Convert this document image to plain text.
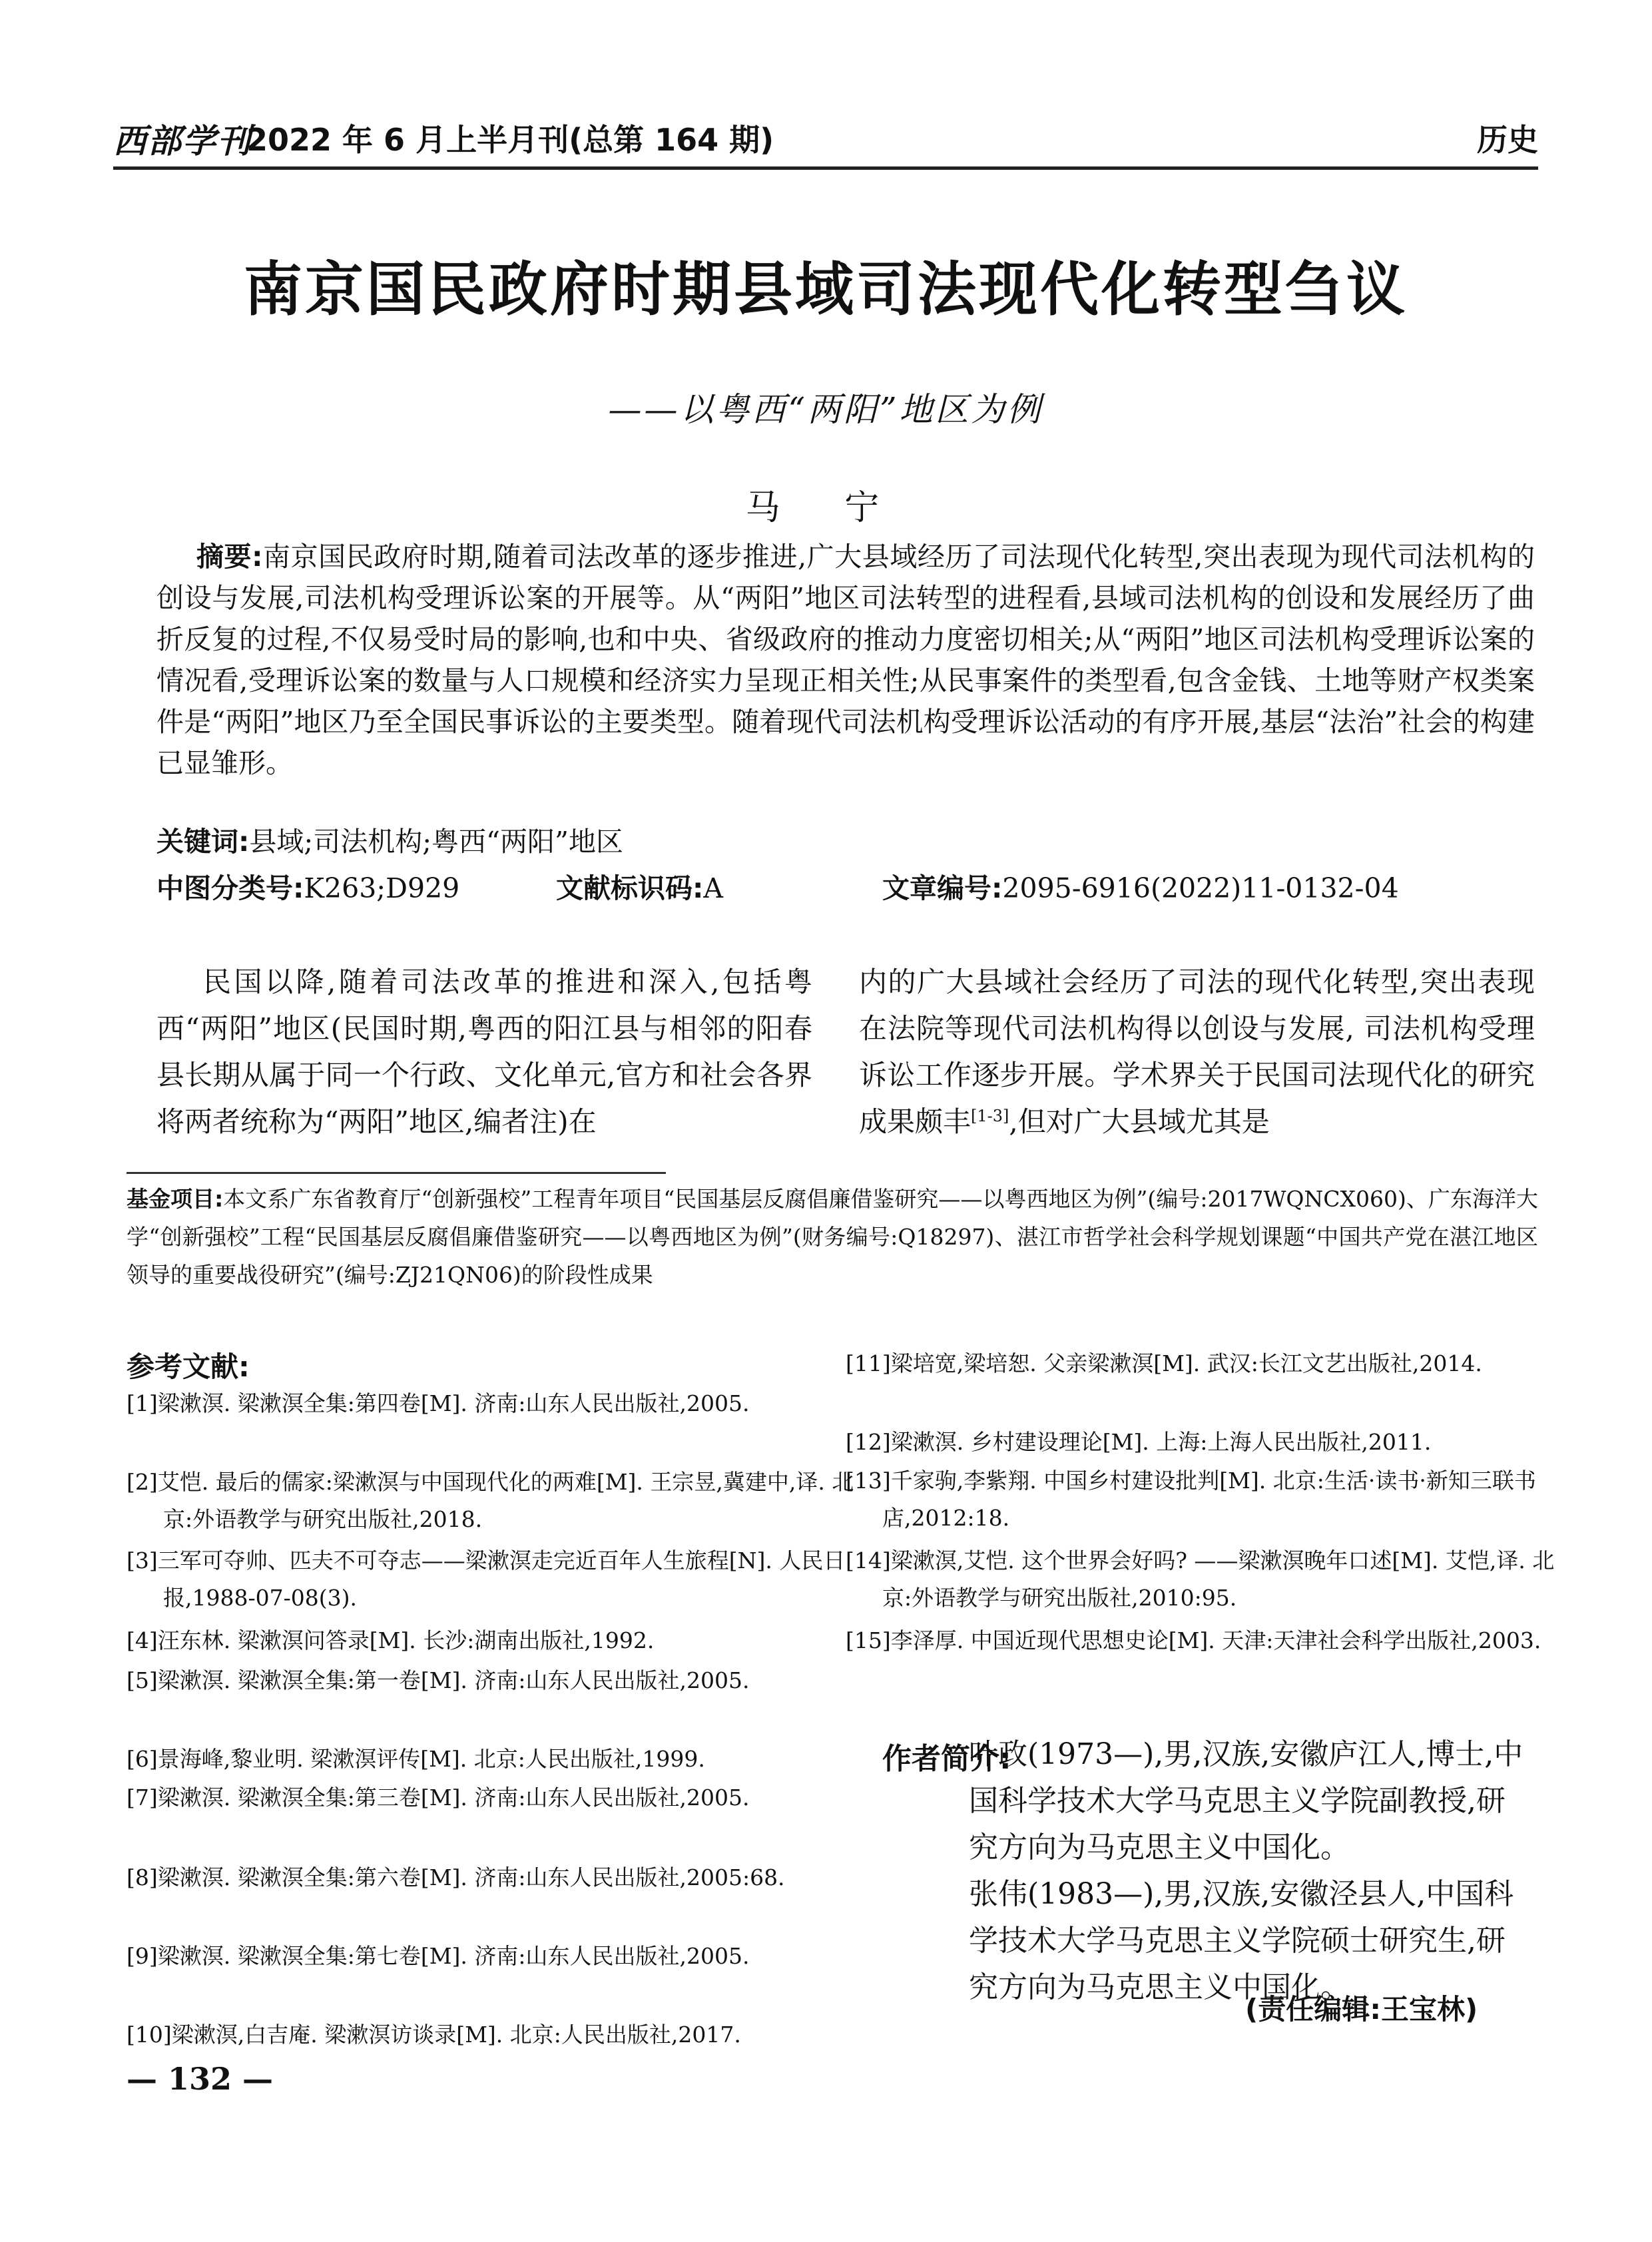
西部学刊
2022 年 6 月上半月刊(总第 164 期)	历史
南京国民政府时期县域司法现代化转型刍议
——以粤西“两阳”地区为例
马 宁
摘要:南京国民政府时期,随着司法改革的逐步推进,广大县域经历了司法现代化转型,突出表现为现代司法机构的创设与发展,司法机构受理诉讼案的开展等。从“两阳”地区司法转型的进程看,县域司法机构的创设和发展经历了曲折反复的过程,不仅易受时局的影响,也和中央、省级政府的推动力度密切相关;从“两阳”地区司法机构受理诉讼案的情况看,受理诉讼案的数量与人口规模和经济实力呈现正相关性;从民事案件的类型看,包含金钱、土地等财产权类案件是“两阳”地区乃至全国民事诉讼的主要类型。随着现代司法机构受理诉讼活动的有序开展,基层“法治”社会的构建已显雏形。
关键词:县域;司法机构;粤西“两阳”地区
中图分类号:K263;D929	文献标识码:A	文章编号:2095-6916(2022)11-0132-04
民国以降,随着司法改革的推进和深入,包括粤西“两阳”地区(民国时期,粤西的阳江县与相邻的阳春县长期从属于同一个行政、文化单元,官方和社会各界将两者统称为“两阳”地区,编者注)在
内的广大县域社会经历了司法的现代化转型,突出表现在法院等现代司法机构得以创设与发展, 司法机构受理诉讼工作逐步开展。学术界关于民国司法现代化的研究成果颇丰[1-3],但对广大县域尤其是
基金项目:本文系广东省教育厅“创新强校”工程青年项目“民国基层反腐倡廉借鉴研究——以粤西地区为例”(编号:2017WQNCX060)、广东海洋大学“创新强校”工程“民国基层反腐倡廉借鉴研究——以粤西地区为例”(财务编号:Q18297)、湛江市哲学社会科学规划课题“中国共产党在湛江地区领导的重要战役研究”(编号:ZJ21QN06)的阶段性成果
参考文献:
[1]梁漱溟. 梁漱溟全集:第四卷[M]. 济南:山东人民出版社,2005.
[2]艾恺. 最后的儒家:梁漱溟与中国现代化的两难[M]. 王宗昱,冀建中,译. 北京:外语教学与研究出版社,2018.
[3]三军可夺帅、匹夫不可夺志——梁漱溟走完近百年人生旅程[N]. 人民日报,1988-07-08(3).
[4]汪东林. 梁漱溟问答录[M]. 长沙:湖南出版社,1992.
[5]梁漱溟. 梁漱溟全集:第一卷[M]. 济南:山东人民出版社,2005.
[6]景海峰,黎业明. 梁漱溟评传[M]. 北京:人民出版社,1999.
[7]梁漱溟. 梁漱溟全集:第三卷[M]. 济南:山东人民出版社,2005.
[8]梁漱溟. 梁漱溟全集:第六卷[M]. 济南:山东人民出版社,2005:68.
[9]梁漱溟. 梁漱溟全集:第七卷[M]. 济南:山东人民出版社,2005.
[10]梁漱溟,白吉庵. 梁漱溟访谈录[M]. 北京:人民出版社,2017.
[11]梁培宽,梁培恕. 父亲梁漱溟[M]. 武汉:长江文艺出版社,2014.
[12]梁漱溟. 乡村建设理论[M]. 上海:上海人民出版社,2011.
[13]千家驹,李紫翔. 中国乡村建设批判[M]. 北京:生活·读书·新知三联书店,2012:18.
[14]梁漱溟,艾恺. 这个世界会好吗? ——梁漱溟晚年口述[M]. 艾恺,译. 北京:外语教学与研究出版社,2010:95.
[15]李泽厚. 中国近现代思想史论[M]. 天津:天津社会科学出版社,2003.
作者简介:
叶政(1973—),男,汉族,安徽庐江人,博士,中国科学技术大学马克思主义学院副教授,研究方向为马克思主义中国化。
张伟(1983—),男,汉族,安徽泾县人,中国科学技术大学马克思主义学院硕士研究生,研究方向为马克思主义中国化。
(责任编辑:王宝林)
— 132 —
